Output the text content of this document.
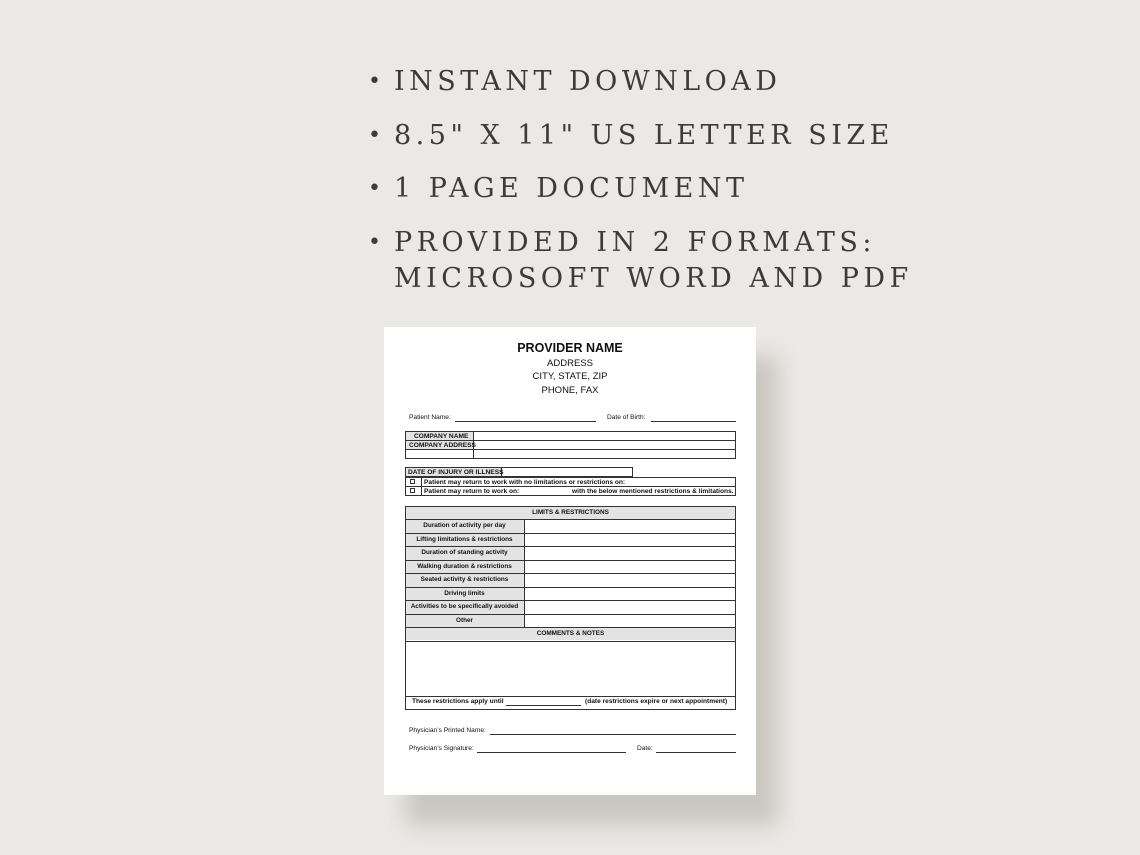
• INSTANT DOWNLOAD
• 8.5" X 11" US LETTER SIZE
• 1 PAGE DOCUMENT
• PROVIDED IN 2 FORMATS:
MICROSOFT WORD AND PDF
PROVIDER NAME
ADDRESS
CITY, STATE, ZIP
PHONE, FAX
Patient Name:	Date of Birth:
COMPANY NAME
COMPANY ADDRESS
DATE OF INJURY OR ILLNESS
Patient may return to work with no limitations or restrictions on:
Patient may return to work on:	with the below mentioned restrictions & limitations.
LIMITS & RESTRICTIONS
Duration of activity per day
Lifting limitations & restrictions
Duration of standing activity
Walking duration & restrictions
Seated activity & restrictions
Driving limits
Activities to be specifically avoided
Other
COMMENTS & NOTES
These restrictions apply until	(date restrictions expire or next appointment)
Physician’s Printed Name:
Physician’s Signature:	Date:
